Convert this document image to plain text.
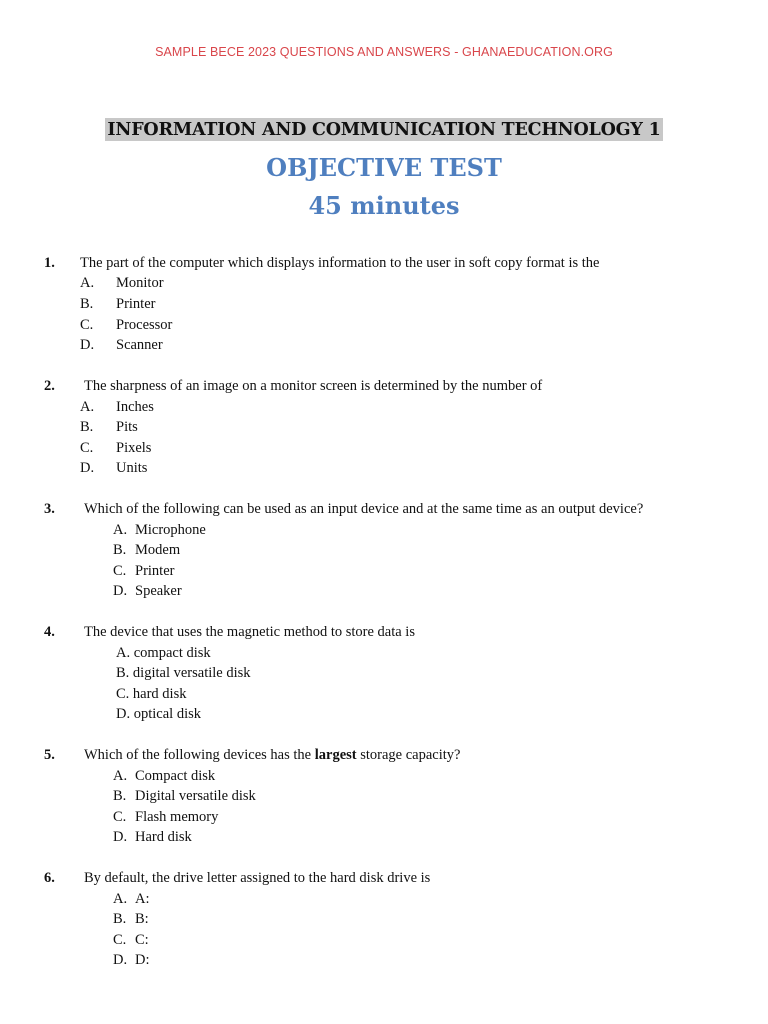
SAMPLE BECE 2023 QUESTIONS AND ANSWERS - GHANAEDUCATION.ORG
INFORMATION AND COMMUNICATION TECHNOLOGY 1
OBJECTIVE TEST
45 minutes
1. The part of the computer which displays information to the user in soft copy format is the
A. Monitor
B. Printer
C. Processor
D. Scanner
2. The sharpness of an image on a monitor screen is determined by the number of
A. Inches
B. Pits
C. Pixels
D. Units
3. Which of the following can be used as an input device and at the same time as an output device?
A. Microphone
B. Modem
C. Printer
D. Speaker
4. The device that uses the magnetic method to store data is
A. compact disk
B. digital versatile disk
C. hard disk
D. optical disk
5. Which of the following devices has the largest storage capacity?
A. Compact disk
B. Digital versatile disk
C. Flash memory
D. Hard disk
6. By default, the drive letter assigned to the hard disk drive is
A. A:
B. B:
C. C:
D. D:
